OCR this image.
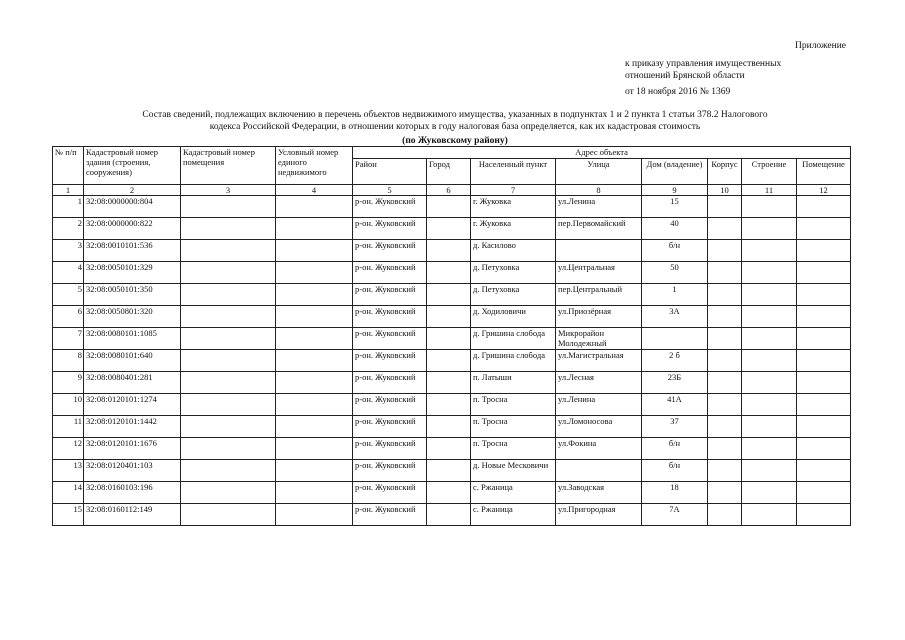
Приложение
к приказу управления имущественных
отношений Брянской области
от 18 ноября 2016 № 1369
Состав сведений, подлежащих включению в перечень объектов недвижимого имущества, указанных в подпунктах 1 и 2 пункта 1 статьи 378.2 Налогового
кодекса Российской Федерации, в отношении которых в году налоговая база определяется, как их кадастровая стоимость
(по Жуковскому району)
№ п/п	Кадастровый номер здания (строения, сооружения)	Кадастровый номер помещения	Условный номер единого недвижимого	Адрес объекта							
				Район	Город	Населенный пункт	Улица	Дом (владение)	Корпус	Строение	Помещение
1	2	3	4	5	6	7	8	9	10	11	12
1	32:08:0000000:804			р-он. Жуковский		г. Жуковка	ул.Ленина	15			
2	32:08:0000000:822			р-он. Жуковский		г. Жуковка	пер.Первомайский	40			
3	32:08:0010101:536			р-он. Жуковский		д. Касилово		б/н			
4	32:08:0050101:329			р-он. Жуковский		д. Петуховка	ул.Центральная	50			
5	32:08:0050101:350			р-он. Жуковский		д. Петуховка	пер.Центральный	1			
6	32:08:0050801:320			р-он. Жуковский		д. Ходиловичи	ул.Приозёрная	3А			
7	32:08:0080101:1085			р-он. Жуковский		д. Гришина слобода	Микрорайон Молодежный				
8	32:08:0080101:640			р-он. Жуковский		д. Гришина слобода	ул.Магистральная	2 б			
9	32:08:0080401:281			р-он. Жуковский		п. Латыши	ул.Лесная	23Б			
10	32:08:0120101:1274			р-он. Жуковский		п. Тросна	ул.Ленина	41А			
11	32:08:0120101:1442			р-он. Жуковский		п. Тросна	ул.Ломоносова	37			
12	32:08:0120101:1676			р-он. Жуковский		п. Тросна	ул.Фокина	б/н			
13	32:08:0120401:103			р-он. Жуковский		д. Новые Месковичи		б/н			
14	32:08:0160103:196			р-он. Жуковский		с. Ржаница	ул.Заводская	18			
15	32:08:0160112:149			р-он. Жуковский		с. Ржаница	ул.Пригородная	7А			
